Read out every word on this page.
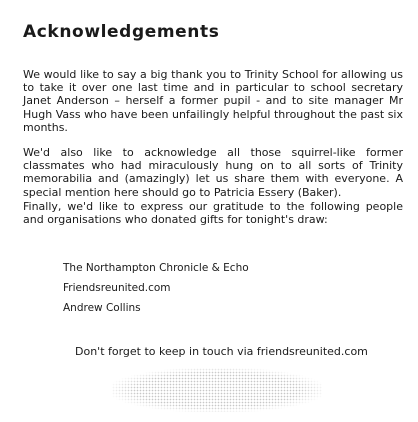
Acknowledgements

We would like to say a big thank you to Trinity School for allowing us to take it over one last time and in particular to school secretary Janet Anderson – herself a former pupil - and to site manager Mr Hugh Vass who have been unfailingly helpful throughout the past six months.

We'd also like to acknowledge all those squirrel-like former classmates who had miraculously hung on to all sorts of Trinity memorabilia and (amazingly) let us share them with everyone. A special mention here should go to Patricia Essery (Baker).

Finally, we'd like to express our gratitude to the following people and organisations who donated gifts for tonight's draw:

The Northampton Chronicle & Echo
Friendsreunited.com
Andrew Collins

Don't forget to keep in touch via friendsreunited.com
